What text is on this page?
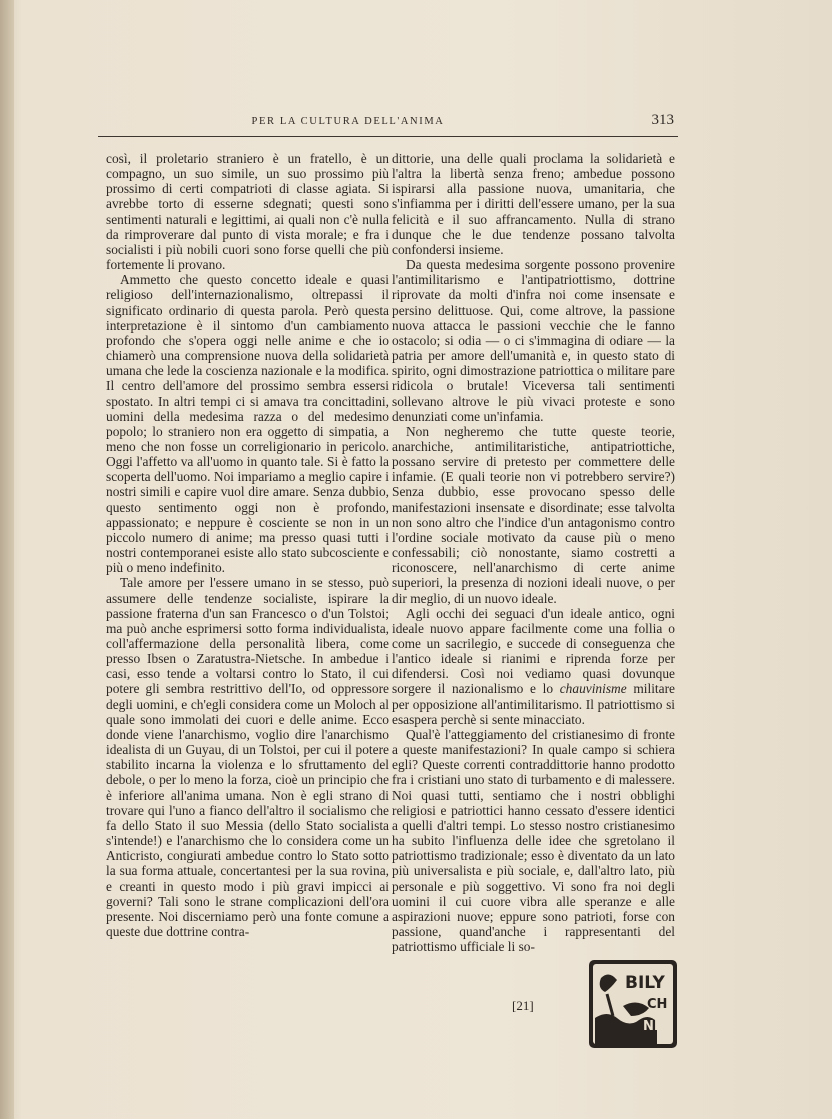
PER LA CULTURA DELL'ANIMA	313

così, il proletario straniero è un fratello, è un compagno, un suo simile, un suo prossimo più prossimo di certi compatrioti di classe agiata. Si avrebbe torto di esserne sdegnati; questi sono sentimenti naturali e legittimi, ai quali non c'è nulla da rimproverare dal punto di vista morale; e fra i socialisti i più nobili cuori sono forse quelli che più fortemente li provano.

Ammetto che questo concetto ideale e quasi religioso dell'internazionalismo, oltrepassi il significato ordinario di questa parola. Però questa interpretazione è il sintomo d'un cambiamento profondo che s'opera oggi nelle anime e che io chiamerò una comprensione nuova della solidarietà umana che lede la coscienza nazionale e la modifica. Il centro dell'amore del prossimo sembra essersi spostato. In altri tempi ci si amava tra concittadini, uomini della medesima razza o del medesimo popolo; lo straniero non era oggetto di simpatia, a meno che non fosse un correligionario in pericolo. Oggi l'affetto va all'uomo in quanto tale. Si è fatto la scoperta dell'uomo. Noi impariamo a meglio capire i nostri simili e capire vuol dire amare. Senza dubbio, questo sentimento oggi non è profondo, appassionato; e neppure è cosciente se non in un piccolo numero di anime; ma presso quasi tutti i nostri contemporanei esiste allo stato subcosciente e più o meno indefinito.

Tale amore per l'essere umano in se stesso, può assumere delle tendenze socialiste, ispirare la passione fraterna d'un san Francesco o d'un Tolstoi; ma può anche esprimersi sotto forma individualista, coll'affermazione della personalità libera, come presso Ibsen o Zaratustra-Nietsche. In ambedue i casi, esso tende a voltarsi contro lo Stato, il cui potere gli sembra restrittivo dell'Io, od oppressore degli uomini, e ch'egli considera come un Moloch al quale sono immolati dei cuori e delle anime. Ecco donde viene l'anarchismo, voglio dire l'anarchismo idealista di un Guyau, di un Tolstoi, per cui il potere stabilito incarna la violenza e lo sfruttamento del debole, o per lo meno la forza, cioè un principio che è inferiore all'anima umana. Non è egli strano di trovare qui l'uno a fianco dell'altro il socialismo che fa dello Stato il suo Messia (dello Stato socialista s'intende!) e l'anarchismo che lo considera come un Anticristo, congiurati ambedue contro lo Stato sotto la sua forma attuale, concertantesi per la sua rovina, e creanti in questo modo i più gravi impicci ai governi? Tali sono le strane complicazioni dell'ora presente. Noi discerniamo però una fonte comune a queste due dottrine contra-

dittorie, una delle quali proclama la solidarietà e l'altra la libertà senza freno; ambedue possono ispirarsi alla passione nuova, umanitaria, che s'infiamma per i diritti dell'essere umano, per la sua felicità e il suo affrancamento. Nulla di strano dunque che le due tendenze possano talvolta confondersi insieme.

Da questa medesima sorgente possono provenire l'antimilitarismo e l'antipatriottismo, dottrine riprovate da molti d'infra noi come insensate e persino delittuose. Qui, come altrove, la passione nuova attacca le passioni vecchie che le fanno ostacolo; si odia — o ci s'immagina di odiare — la patria per amore dell'umanità e, in questo stato di spirito, ogni dimostrazione patriottica o militare pare ridicola o brutale! Viceversa tali sentimenti sollevano altrove le più vivaci proteste e sono denunziati come un'infamia.

Non negheremo che tutte queste teorie, anarchiche, antimilitaristiche, antipatriottiche, possano servire di pretesto per commettere delle infamie. (E quali teorie non vi potrebbero servire?) Senza dubbio, esse provocano spesso delle manifestazioni insensate e disordinate; esse talvolta non sono altro che l'indice d'un antagonismo contro l'ordine sociale motivato da cause più o meno confessabili; ciò nonostante, siamo costretti a riconoscere, nell'anarchismo di certe anime superiori, la presenza di nozioni ideali nuove, o per dir meglio, di un nuovo ideale.

Agli occhi dei seguaci d'un ideale antico, ogni ideale nuovo appare facilmente come una follia o come un sacrilegio, e succede di conseguenza che l'antico ideale si rianimi e riprenda forze per difendersi. Così noi vediamo quasi dovunque sorgere il nazionalismo e lo chauvinisme militare per opposizione all'antimilitarismo. Il patriottismo si esaspera perchè si sente minacciato.

Qual'è l'atteggiamento del cristianesimo di fronte a queste manifestazioni? In quale campo si schiera egli? Queste correnti contraddittorie hanno prodotto fra i cristiani uno stato di turbamento e di malessere. Noi quasi tutti, sentiamo che i nostri obblighi religiosi e patriottici hanno cessato d'essere identici a quelli d'altri tempi. Lo stesso nostro cristianesimo ha subito l'influenza delle idee che sgretolano il patriottismo tradizionale; esso è diventato da un lato più universalista e più sociale, e, dall'altro lato, più personale e più soggettivo. Vi sono fra noi degli uomini il cui cuore vibra alle speranze e alle aspirazioni nuove; eppure sono patrioti, forse con passione, quand'anche i rappresentanti del patriottismo ufficiale li so-

[21]
BILY
CH
NIS
